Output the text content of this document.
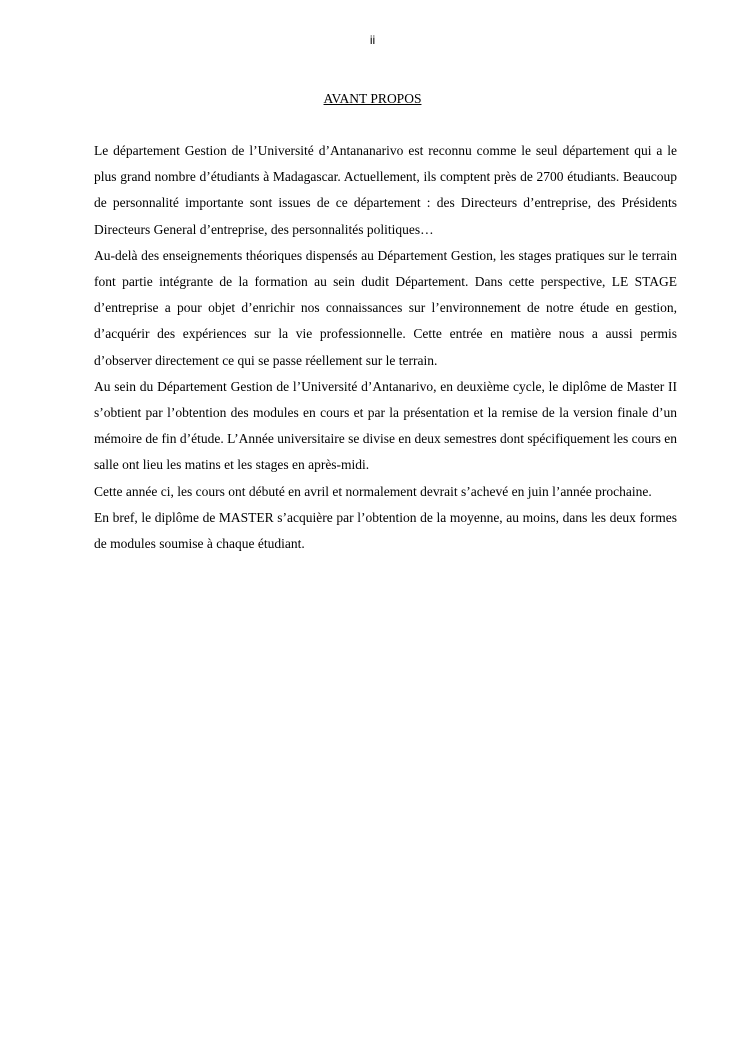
ii
AVANT PROPOS

Le département Gestion de l’Université d’Antananarivo est reconnu comme le seul département qui a le plus grand nombre d’étudiants à Madagascar. Actuellement, ils comptent près de 2700 étudiants. Beaucoup de personnalité importante sont issues de ce département : des Directeurs d’entreprise, des Présidents Directeurs General d’entreprise, des personnalités politiques…

Au-delà des enseignements théoriques dispensés au Département Gestion, les stages pratiques sur le terrain font partie intégrante de la formation au sein dudit Département. Dans cette perspective, LE STAGE d’entreprise a pour objet d’enrichir nos connaissances sur l’environnement de notre étude en gestion, d’acquérir des expériences sur la vie professionnelle. Cette entrée en matière nous a aussi permis d’observer directement ce qui se passe réellement sur le terrain.

Au sein du Département Gestion de l’Université d’Antanarivo, en deuxième cycle, le diplôme de Master II s’obtient par l’obtention des modules en cours et par la présentation et la remise de la version finale d’un mémoire de fin d’étude. L’Année universitaire se divise en deux semestres dont spécifiquement les cours en salle ont lieu les matins et les stages en après-midi.

Cette année ci, les cours ont débuté en avril et normalement devrait s’achevé en juin l’année prochaine.

En bref, le diplôme de MASTER s’acquière par l’obtention de la moyenne, au moins, dans les deux formes de modules soumise à chaque étudiant.
